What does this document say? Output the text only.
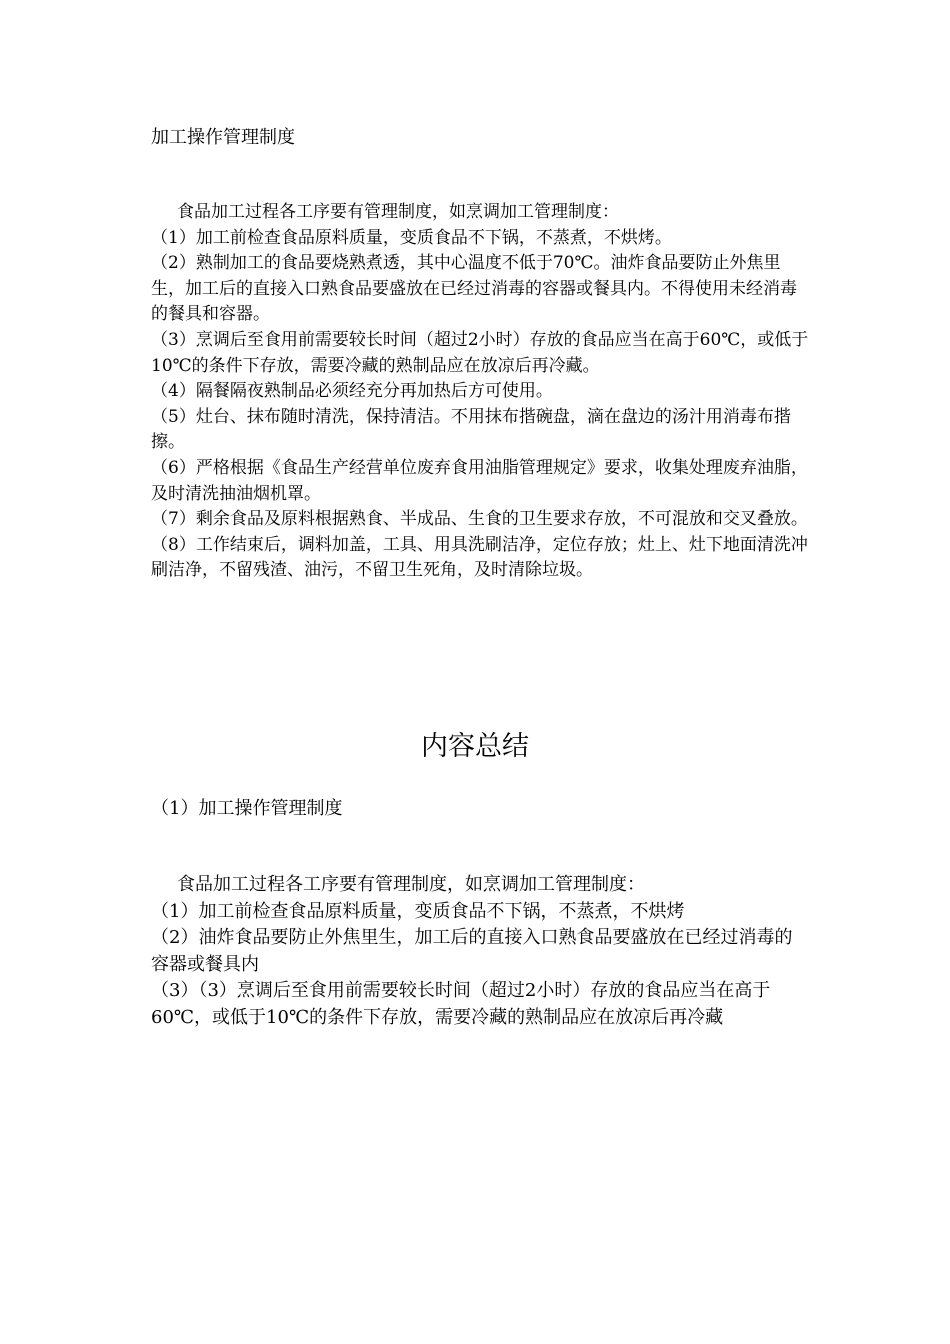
加工操作管理制度

食品加工过程各工序要有管理制度，如烹调加工管理制度：

（1）加工前检查食品原料质量，变质食品不下锅，不蒸煮，不烘烤。

（2）熟制加工的食品要烧熟煮透，其中心温度不低于70℃。油炸食品要防止外焦里生，加工后的直接入口熟食品要盛放在已经过消毒的容器或餐具内。不得使用未经消毒的餐具和容器。

（3）烹调后至食用前需要较长时间（超过2小时）存放的食品应当在高于60℃，或低于10℃的条件下存放，需要冷藏的熟制品应在放凉后再冷藏。

（4）隔餐隔夜熟制品必须经充分再加热后方可使用。

（5）灶台、抹布随时清洗，保持清洁。不用抹布揩碗盘，滴在盘边的汤汁用消毒布揩擦。

（6）严格根据《食品生产经营单位废弃食用油脂管理规定》要求，收集处理废弃油脂，及时清洗抽油烟机罩。

（7）剩余食品及原料根据熟食、半成品、生食的卫生要求存放，不可混放和交叉叠放。

（8）工作结束后，调料加盖，工具、用具洗刷洁净，定位存放；灶上、灶下地面清洗冲刷洁净，不留残渣、油污，不留卫生死角，及时清除垃圾。

内容总结
（1）加工操作管理制度

食品加工过程各工序要有管理制度，如烹调加工管理制度：

（1）加工前检查食品原料质量，变质食品不下锅，不蒸煮，不烘烤

（2）油炸食品要防止外焦里生，加工后的直接入口熟食品要盛放在已经过消毒的容器或餐具内

（3）（3）烹调后至食用前需要较长时间（超过2小时）存放的食品应当在高于60℃，或低于10℃的条件下存放，需要冷藏的熟制品应在放凉后再冷藏
